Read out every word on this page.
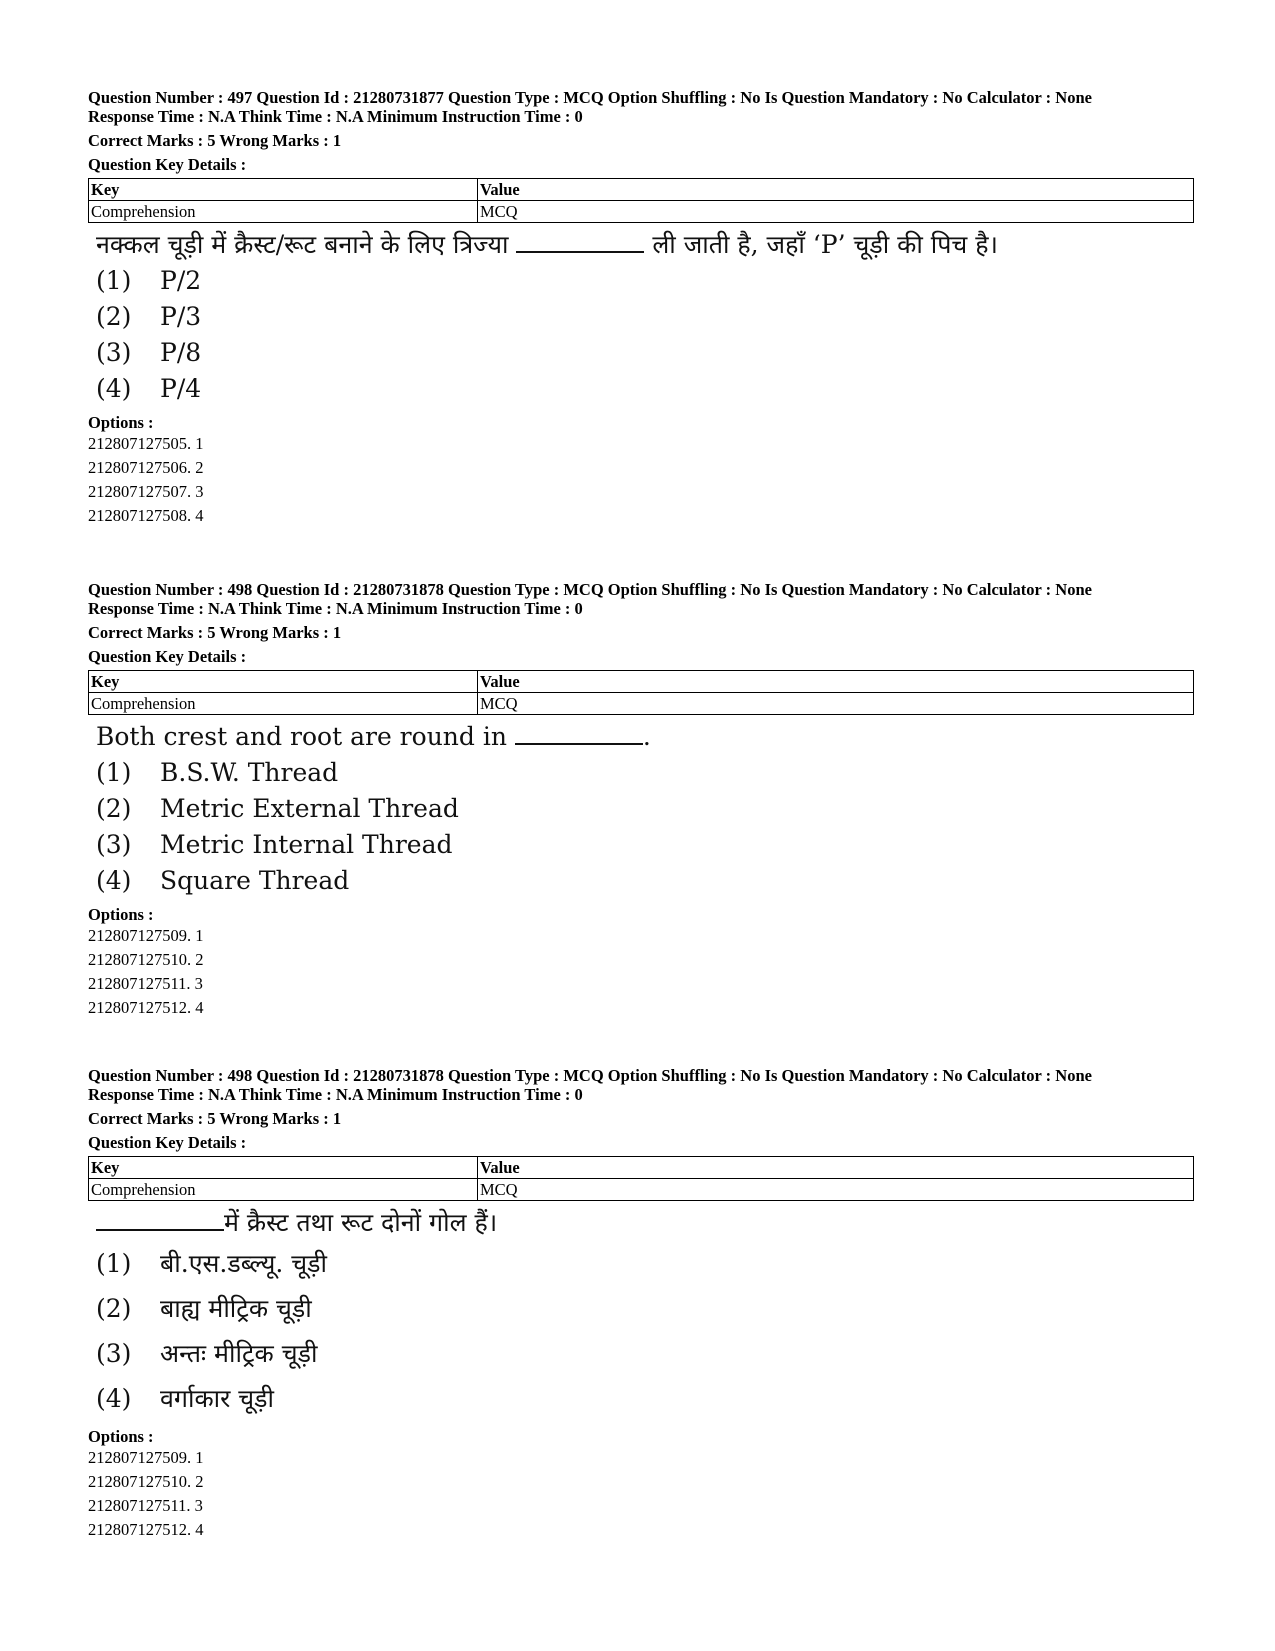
Question Number : 497 Question Id : 21280731877 Question Type : MCQ Option Shuffling : No Is Question Mandatory : No Calculator : None

Response Time : N.A Think Time : N.A Minimum Instruction Time : 0

Correct Marks : 5 Wrong Marks : 1
Question Key Details :
Key	Value
Comprehension	MCQ
नक्कल चूड़ी में क्रैस्ट/रूट बनाने के लिए त्रिज्या	ली जाती है, जहाँ ‘P’ चूड़ी की पिच है।
(1)	P/2
(2)	P/3
(3)	P/8
(4)	P/4
Options :
212807127505. 1
212807127506. 2
212807127507. 3
212807127508. 4

Question Number : 498 Question Id : 21280731878 Question Type : MCQ Option Shuffling : No Is Question Mandatory : No Calculator : None

Response Time : N.A Think Time : N.A Minimum Instruction Time : 0

Correct Marks : 5 Wrong Marks : 1
Question Key Details :
Key	Value
Comprehension	MCQ
Both crest and root are round in	.
(1)	B.S.W. Thread
(2)	Metric External Thread
(3)	Metric Internal Thread
(4)	Square Thread
Options :
212807127509. 1
212807127510. 2
212807127511. 3
212807127512. 4

Question Number : 498 Question Id : 21280731878 Question Type : MCQ Option Shuffling : No Is Question Mandatory : No Calculator : None

Response Time : N.A Think Time : N.A Minimum Instruction Time : 0

Correct Marks : 5 Wrong Marks : 1
Question Key Details :
Key	Value
Comprehension	MCQ
में क्रैस्ट तथा रूट दोनों गोल हैं।
(1)	बी.एस.डब्ल्यू. चूड़ी
(2)	बाह्य मीट्रिक चूड़ी
(3)	अन्तः मीट्रिक चूड़ी
(4)	वर्गाकार चूड़ी
Options :
212807127509. 1
212807127510. 2
212807127511. 3
212807127512. 4
